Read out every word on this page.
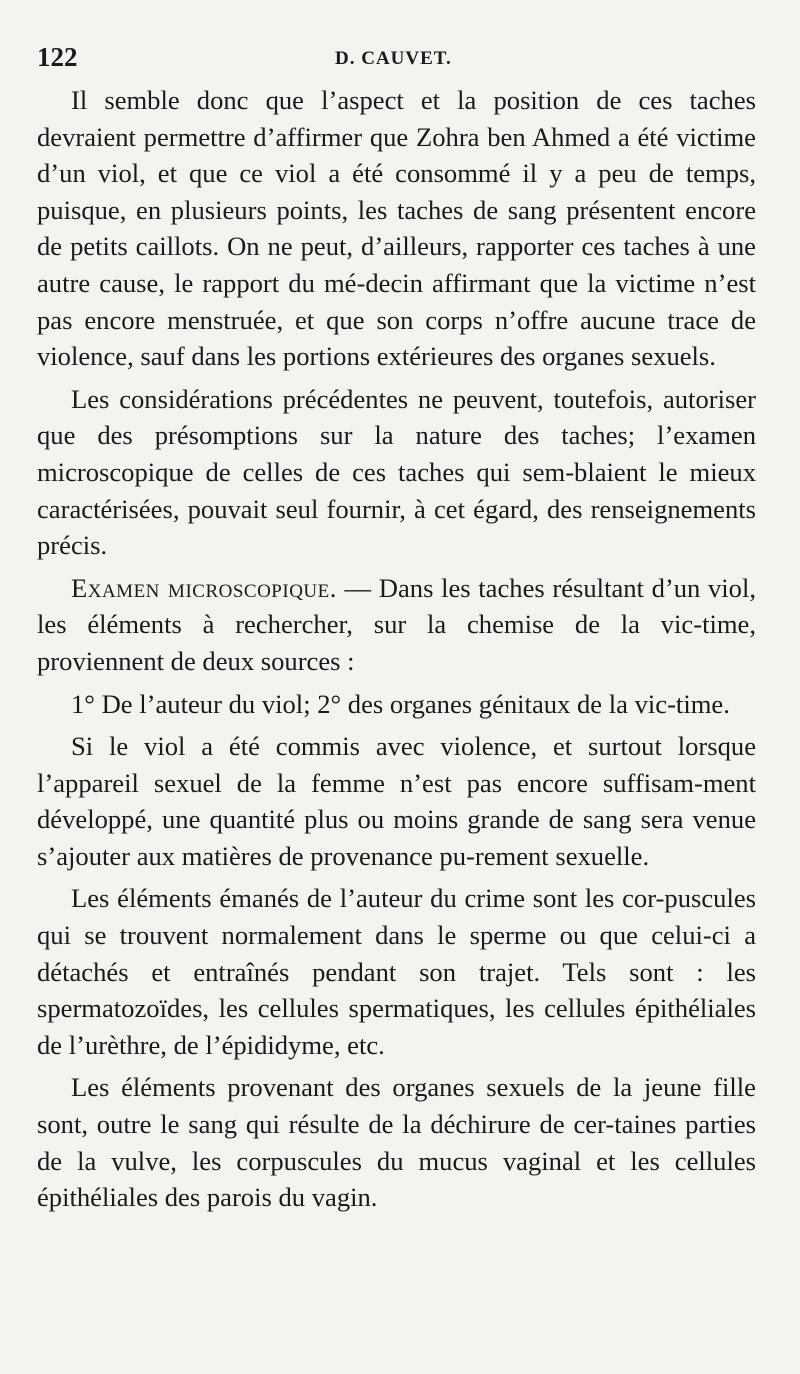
122	D. CAUVET.

Il semble donc que l’aspect et la position de ces taches devraient permettre d’affirmer que Zohra ben Ahmed a été victime d’un viol, et que ce viol a été consommé il y a peu de temps, puisque, en plusieurs points, les taches de sang présentent encore de petits caillots. On ne peut, d’ailleurs, rapporter ces taches à une autre cause, le rapport du mé-decin affirmant que la victime n’est pas encore menstruée, et que son corps n’offre aucune trace de violence, sauf dans les portions extérieures des organes sexuels.

Les considérations précédentes ne peuvent, toutefois, autoriser que des présomptions sur la nature des taches; l’examen microscopique de celles de ces taches qui sem-blaient le mieux caractérisées, pouvait seul fournir, à cet égard, des renseignements précis.

Examen microscopique. — Dans les taches résultant d’un viol, les éléments à rechercher, sur la chemise de la vic-time, proviennent de deux sources :

1° De l’auteur du viol; 2° des organes génitaux de la vic-time.

Si le viol a été commis avec violence, et surtout lorsque l’appareil sexuel de la femme n’est pas encore suffisam-ment développé, une quantité plus ou moins grande de sang sera venue s’ajouter aux matières de provenance pu-rement sexuelle.

Les éléments émanés de l’auteur du crime sont les cor-puscules qui se trouvent normalement dans le sperme ou que celui-ci a détachés et entraînés pendant son trajet. Tels sont : les spermatozoïdes, les cellules spermatiques, les cellules épithéliales de l’urèthre, de l’épididyme, etc.

Les éléments provenant des organes sexuels de la jeune fille sont, outre le sang qui résulte de la déchirure de cer-taines parties de la vulve, les corpuscules du mucus vaginal et les cellules épithéliales des parois du vagin.
